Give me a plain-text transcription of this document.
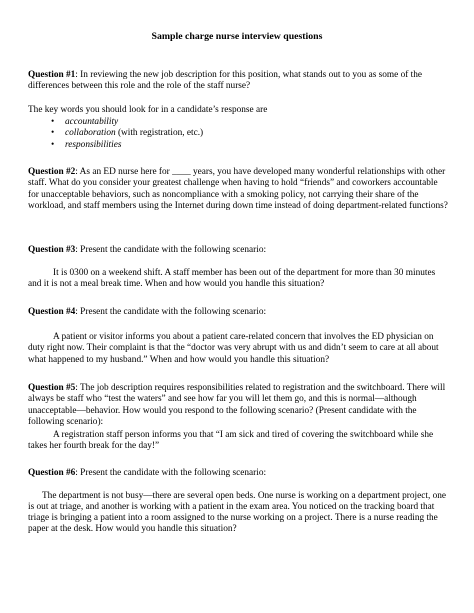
Sample charge nurse interview questions
Question #1: In reviewing the new job description for this position, what stands out to you as some of the differences between this role and the role of the staff nurse?
The key words you should look for in a candidate’s response are
• accountability
• collaboration (with registration, etc.)
• responsibilities
Question #2: As an ED nurse here for ____ years, you have developed many wonderful relationships with other staff. What do you consider your greatest challenge when having to hold “friends” and coworkers accountable for unacceptable behaviors, such as noncompliance with a smoking policy, not carrying their share of the workload, and staff members using the Internet during down time instead of doing department-related functions?
Question #3: Present the candidate with the following scenario:
It is 0300 on a weekend shift. A staff member has been out of the department for more than 30 minutes and it is not a meal break time. When and how would you handle this situation?
Question #4: Present the candidate with the following scenario:
A patient or visitor informs you about a patient care-related concern that involves the ED physician on duty right now. Their complaint is that the “doctor was very abrupt with us and didn’t seem to care at all about what happened to my husband.” When and how would you handle this situation?
Question #5: The job description requires responsibilities related to registration and the switchboard. There will always be staff who “test the waters” and see how far you will let them go, and this is normal—although unacceptable—behavior. How would you respond to the following scenario? (Present candidate with the following scenario):
A registration staff person informs you that “I am sick and tired of covering the switchboard while she takes her fourth break for the day!”
Question #6: Present the candidate with the following scenario:
The department is not busy—there are several open beds. One nurse is working on a department project, one is out at triage, and another is working with a patient in the exam area. You noticed on the tracking board that triage is bringing a patient into a room assigned to the nurse working on a project. There is a nurse reading the paper at the desk. How would you handle this situation?
